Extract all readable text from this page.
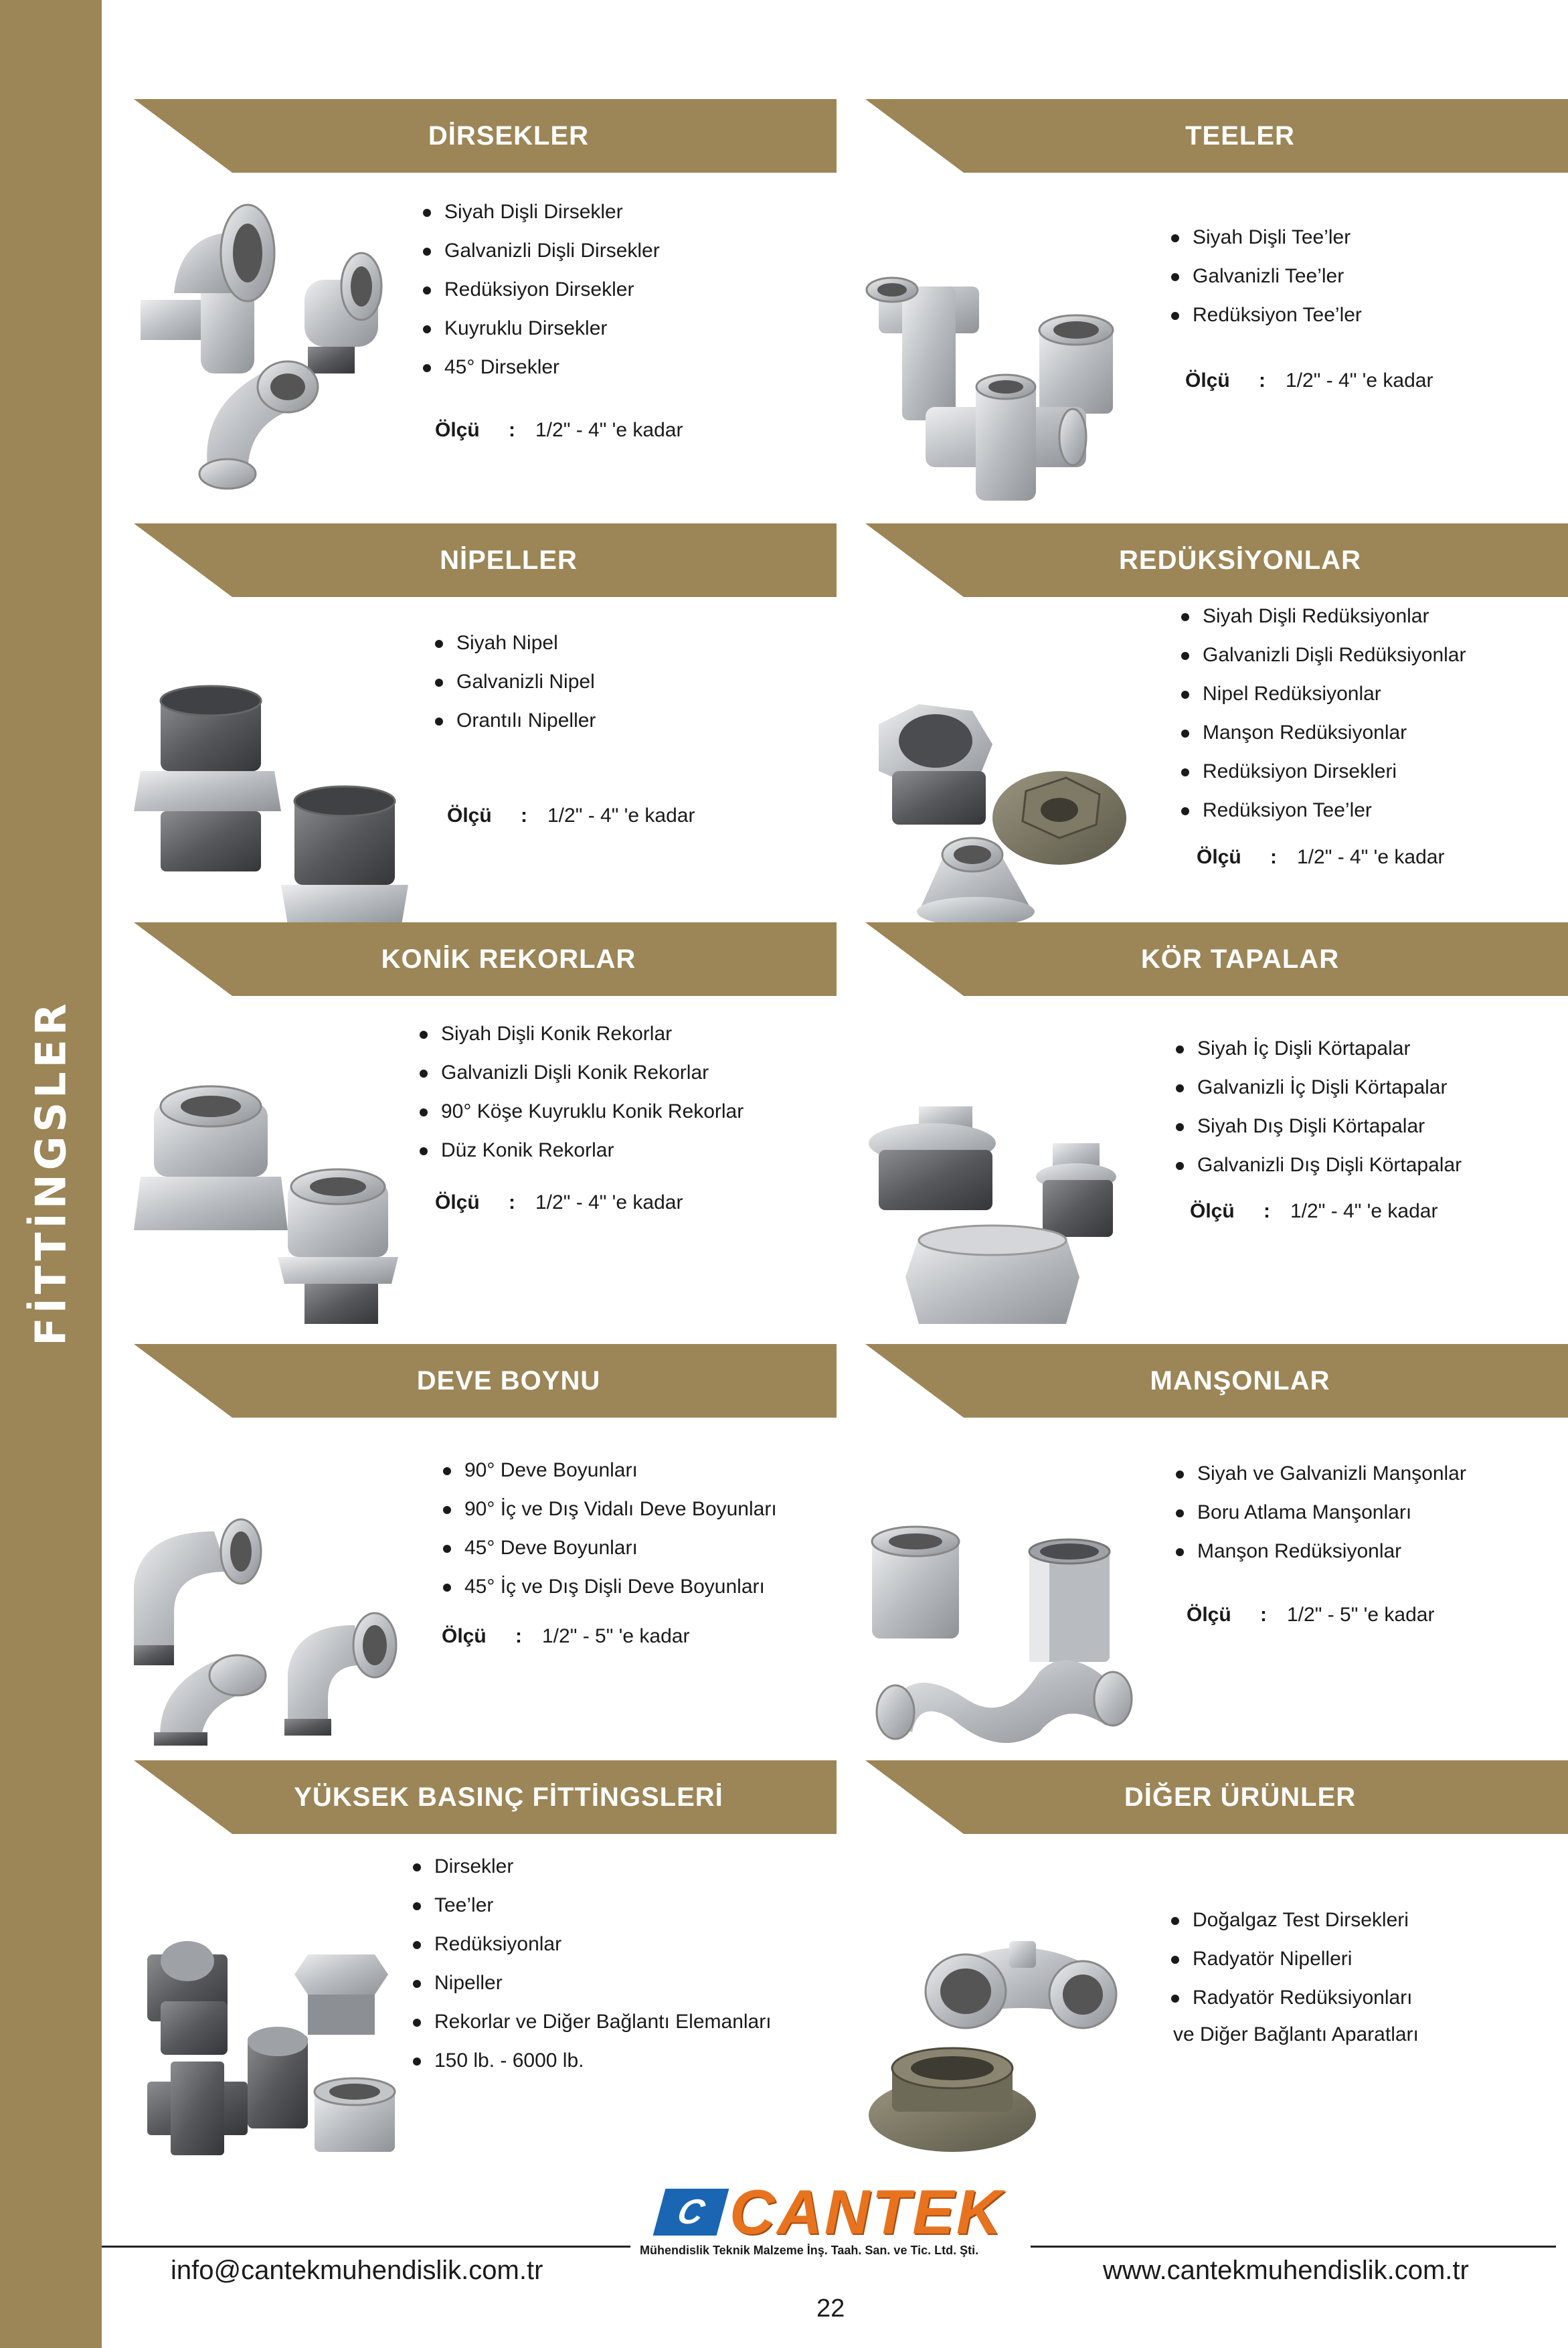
FİTTİNGSLER
DİRSEKLER
Siyah Dişli Dirsekler
Galvanizli Dişli Dirsekler
Redüksiyon Dirsekler
Kuyruklu Dirsekler
45° Dirsekler
Ölçü : 1/2" - 4" 'e kadar
TEELER
Siyah Dişli Tee’ler
Galvanizli Tee’ler
Redüksiyon Tee’ler
Ölçü : 1/2" - 4" 'e kadar
NİPELLER
Siyah Nipel
Galvanizli Nipel
Orantılı Nipeller
Ölçü : 1/2" - 4" 'e kadar
REDÜKSİYONLAR
Siyah Dişli Redüksiyonlar
Galvanizli Dişli Redüksiyonlar
Nipel Redüksiyonlar
Manşon Redüksiyonlar
Redüksiyon Dirsekleri
Redüksiyon Tee’ler
Ölçü : 1/2" - 4" 'e kadar
KONİK REKORLAR
Siyah Dişli Konik Rekorlar
Galvanizli Dişli Konik Rekorlar
90° Köşe Kuyruklu Konik Rekorlar
Düz Konik Rekorlar
Ölçü : 1/2" - 4" 'e kadar
KÖR TAPALAR
Siyah İç Dişli Körtapalar
Galvanizli İç Dişli Körtapalar
Siyah Dış Dişli Körtapalar
Galvanizli Dış Dişli Körtapalar
Ölçü : 1/2" - 4" 'e kadar
DEVE BOYNU
90° Deve Boyunları
90° İç ve Dış Vidalı Deve Boyunları
45° Deve Boyunları
45° İç ve Dış Dişli Deve Boyunları
Ölçü : 1/2" - 5" 'e kadar
MANŞONLAR
Siyah ve Galvanizli Manşonlar
Boru Atlama Manşonları
Manşon Redüksiyonlar
Ölçü : 1/2" - 5" 'e kadar
YÜKSEK BASINÇ FİTTİNGSLERİ
Dirsekler
Tee’ler
Redüksiyonlar
Nipeller
Rekorlar ve Diğer Bağlantı Elemanları
150 lb. - 6000 lb.
DİĞER ÜRÜNLER
Doğalgaz Test Dirsekleri
Radyatör Nipelleri
Radyatör Redüksiyonları
ve Diğer Bağlantı Aparatları
C CANTEK
Mühendislik Teknik Malzeme İnş. Taah. San. ve Tic. Ltd. Şti.
info@cantekmuhendislik.com.tr	www.cantekmuhendislik.com.tr
22
